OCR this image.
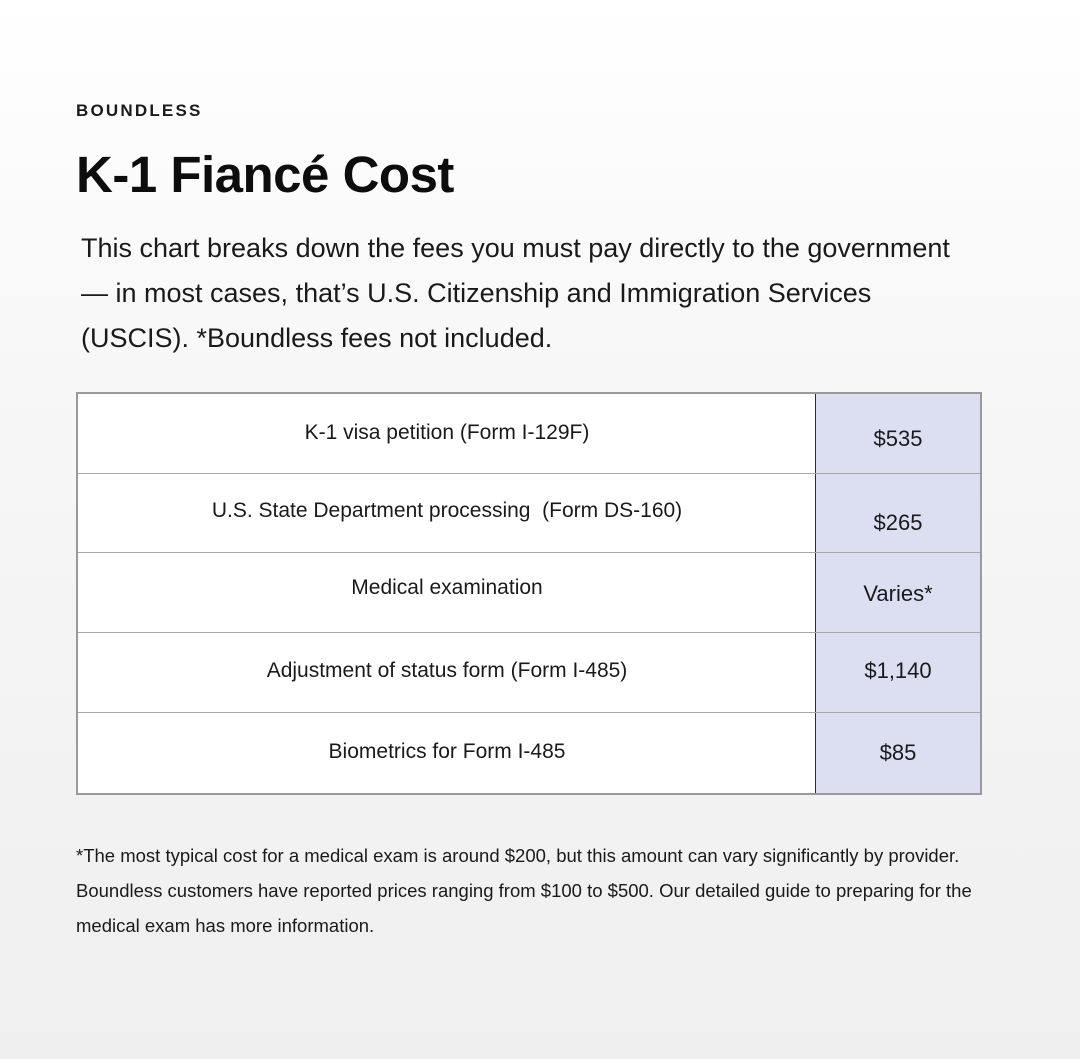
BOUNDLESS
K-1 Fiancé Cost

This chart breaks down the fees you must pay directly to the government — in most cases, that’s U.S. Citizenship and Immigration Services (USCIS). *Boundless fees not included.

K-1 visa petition (Form I-129F)	$535
U.S. State Department processing  (Form DS-160)	$265
Medical examination	Varies*
Adjustment of status form (Form I-485)	$1,140
Biometrics for Form I-485	$85

*The most typical cost for a medical exam is around $200, but this amount can vary significantly by provider. Boundless customers have reported prices ranging from $100 to $500. Our detailed guide to preparing for the medical exam has more information.
